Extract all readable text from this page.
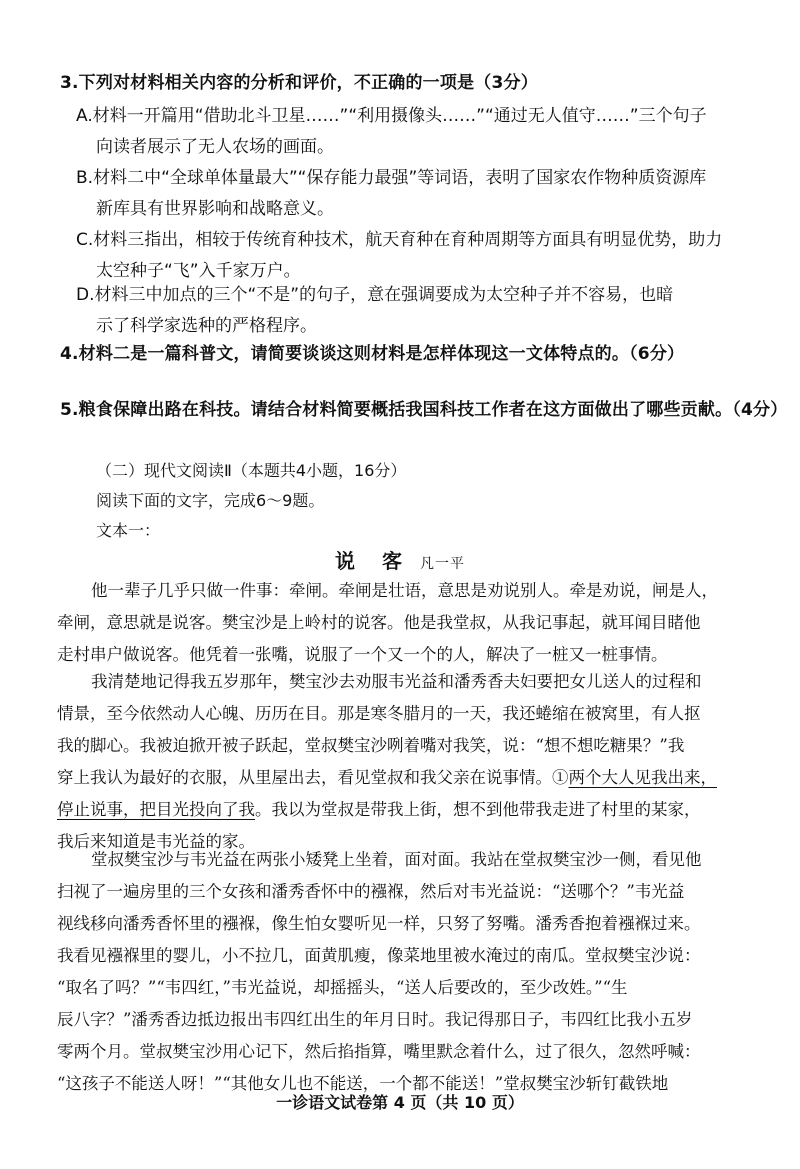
3.下列对材料相关内容的分析和评价，不正确的一项是（3分）
A.材料一开篇用“借助北斗卫星……”“利用摄像头……”“通过无人值守……”三个句子
向读者展示了无人农场的画面。
B.材料二中“全球单体量最大”“保存能力最强”等词语，表明了国家农作物种质资源库
新库具有世界影响和战略意义。
C.材料三指出，相较于传统育种技术，航天育种在育种周期等方面具有明显优势，助力
太空种子“飞”入千家万户。
D.材料三中加点的三个“不是”的句子，意在强调要成为太空种子并不容易，也暗
示了科学家选种的严格程序。
4.材料二是一篇科普文，请简要谈谈这则材料是怎样体现这一文体特点的。（6分）
5.粮食保障出路在科技。请结合材料简要概括我国科技工作者在这方面做出了哪些贡献。（4分）
（二）现代文阅读Ⅱ（本题共4小题，16分）
阅读下面的文字，完成6～9题。
文本一：
说 客 凡一平
他一辈子几乎只做一件事：牵闸。牵闸是壮语，意思是劝说别人。牵是劝说，闸是人，
牵闸，意思就是说客。樊宝沙是上岭村的说客。他是我堂叔，从我记事起，就耳闻目睹他
走村串户做说客。他凭着一张嘴，说服了一个又一个的人，解决了一桩又一桩事情。
我清楚地记得我五岁那年，樊宝沙去劝服韦光益和潘秀香夫妇要把女儿送人的过程和
情景，至今依然动人心魄、历历在目。那是寒冬腊月的一天，我还蜷缩在被窝里，有人抠
我的脚心。我被迫掀开被子跃起，堂叔樊宝沙咧着嘴对我笑，说：“想不想吃糖果？”我
穿上我认为最好的衣服，从里屋出去，看见堂叔和我父亲在说事情。①两个大人见我出来，
停止说事，把目光投向了我。我以为堂叔是带我上街，想不到他带我走进了村里的某家，
我后来知道是韦光益的家。
堂叔樊宝沙与韦光益在两张小矮凳上坐着，面对面。我站在堂叔樊宝沙一侧，看见他
扫视了一遍房里的三个女孩和潘秀香怀中的襁褓，然后对韦光益说：“送哪个？”韦光益
视线移向潘秀香怀里的襁褓，像生怕女婴听见一样，只努了努嘴。潘秀香抱着襁褓过来。
我看见襁褓里的婴儿，小不拉几，面黄肌瘦，像菜地里被水淹过的南瓜。堂叔樊宝沙说：
“取名了吗？”“韦四红，”韦光益说，却摇摇头，“送人后要改的，至少改姓。”“生
辰八字？”潘秀香边抵边报出韦四红出生的年月日时。我记得那日子，韦四红比我小五岁
零两个月。堂叔樊宝沙用心记下，然后掐指算，嘴里默念着什么，过了很久，忽然呼喊：
“这孩子不能送人呀！”“其他女儿也不能送，一个都不能送！”堂叔樊宝沙斩钉截铁地
一诊语文试卷第 4 页（共 10 页）
